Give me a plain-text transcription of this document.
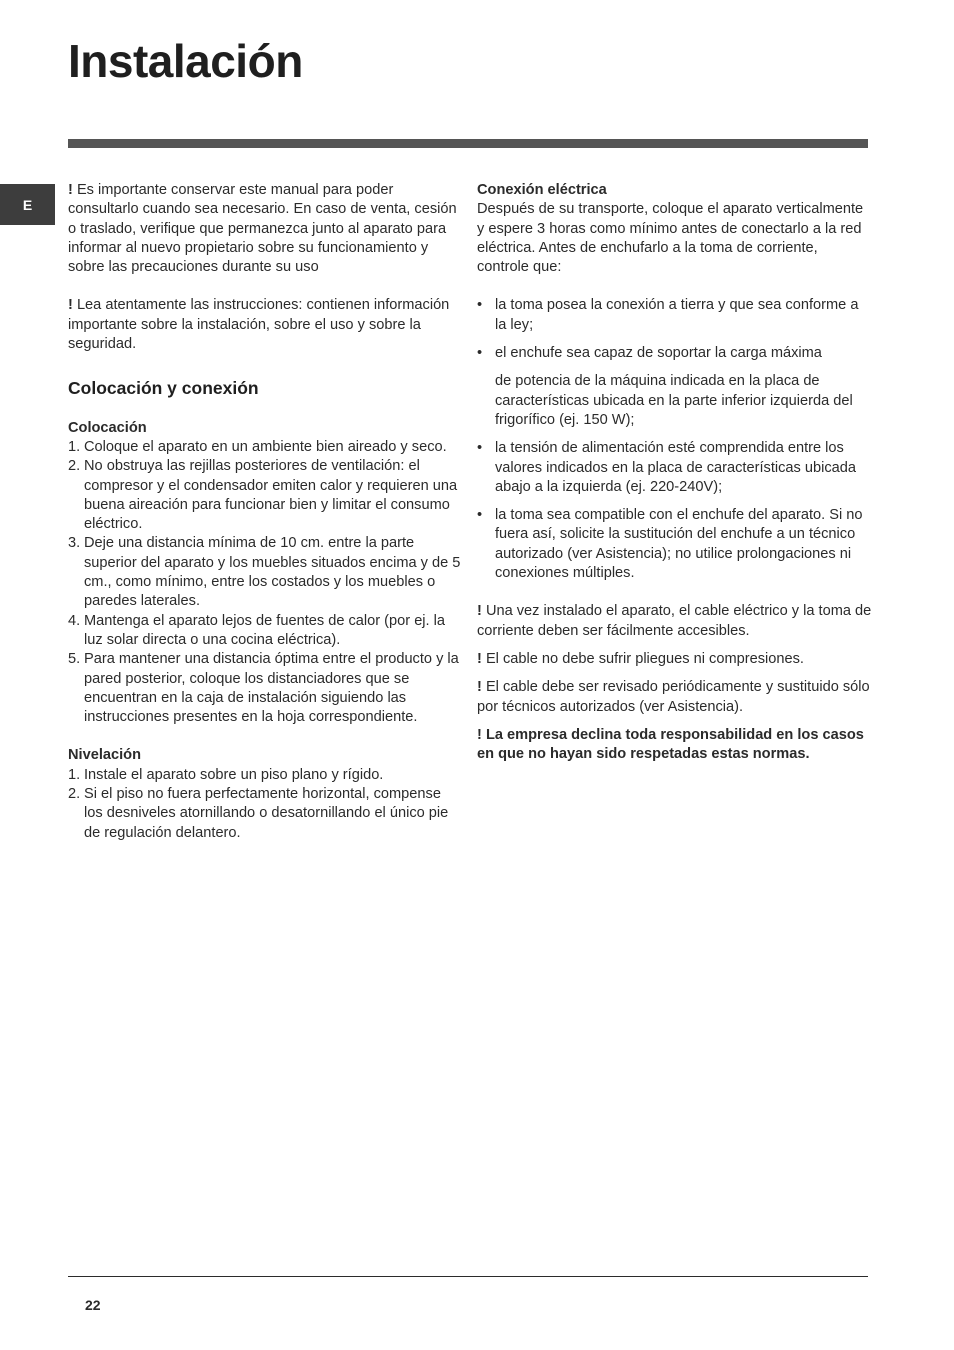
Instalación
E

! Es importante conservar este manual para poder consultarlo cuando sea necesario. En caso de venta, cesión o traslado, verifique que permanezca junto al aparato para informar al nuevo propietario sobre su funcionamiento y sobre las precauciones durante su uso

! Lea atentamente las instrucciones: contienen información importante sobre la instalación, sobre el uso y sobre la seguridad.

Colocación y conexión
Colocación
1. Coloque el aparato en un ambiente bien aireado y seco.
2. No obstruya las rejillas posteriores de ventilación: el compresor y el condensador emiten calor y requieren una buena aireación para funcionar bien y limitar el consumo eléctrico.
3. Deje una distancia mínima de 10 cm. entre la parte superior del aparato y los muebles situados encima y de 5 cm., como mínimo, entre los costados y los muebles o paredes laterales.
4. Mantenga el aparato lejos de fuentes de calor (por ej. la luz solar directa o una cocina eléctrica).
5. Para mantener una distancia óptima entre el producto y la pared posterior, coloque los distanciadores que se encuentran en la caja de instalación siguiendo las instrucciones presentes en la hoja correspondiente.
Nivelación
1. Instale el aparato sobre un piso plano y rígido.
2. Si el piso no fuera perfectamente horizontal, compense los desniveles atornillando o desatornillando el único pie de regulación delantero.
Conexión eléctrica

Después de su transporte, coloque el aparato verticalmente y espere 3 horas como mínimo antes de conectarlo a la red eléctrica. Antes de enchufarlo a la toma de corriente, controle que:

• la toma posea la conexión a tierra y que sea conforme a la ley;
• el enchufe sea capaz de soportar la carga máxima

de potencia de la máquina indicada en la placa de características ubicada en la parte inferior izquierda del frigorífico (ej. 150 W);

• la tensión de alimentación esté comprendida entre los valores indicados en la placa de características ubicada abajo a la izquierda (ej. 220-240V);
• la toma sea compatible con el enchufe del aparato. Si no fuera así, solicite la sustitución del enchufe a un técnico autorizado (ver Asistencia); no utilice prolongaciones ni conexiones múltiples.

! Una vez instalado el aparato, el cable eléctrico y la toma de corriente deben ser fácilmente accesibles.

! El cable no debe sufrir pliegues ni compresiones.

! El cable debe ser revisado periódicamente y sustituido sólo por técnicos autorizados (ver Asistencia).

! La empresa declina toda responsabilidad en los casos en que no hayan sido respetadas estas normas.

22
